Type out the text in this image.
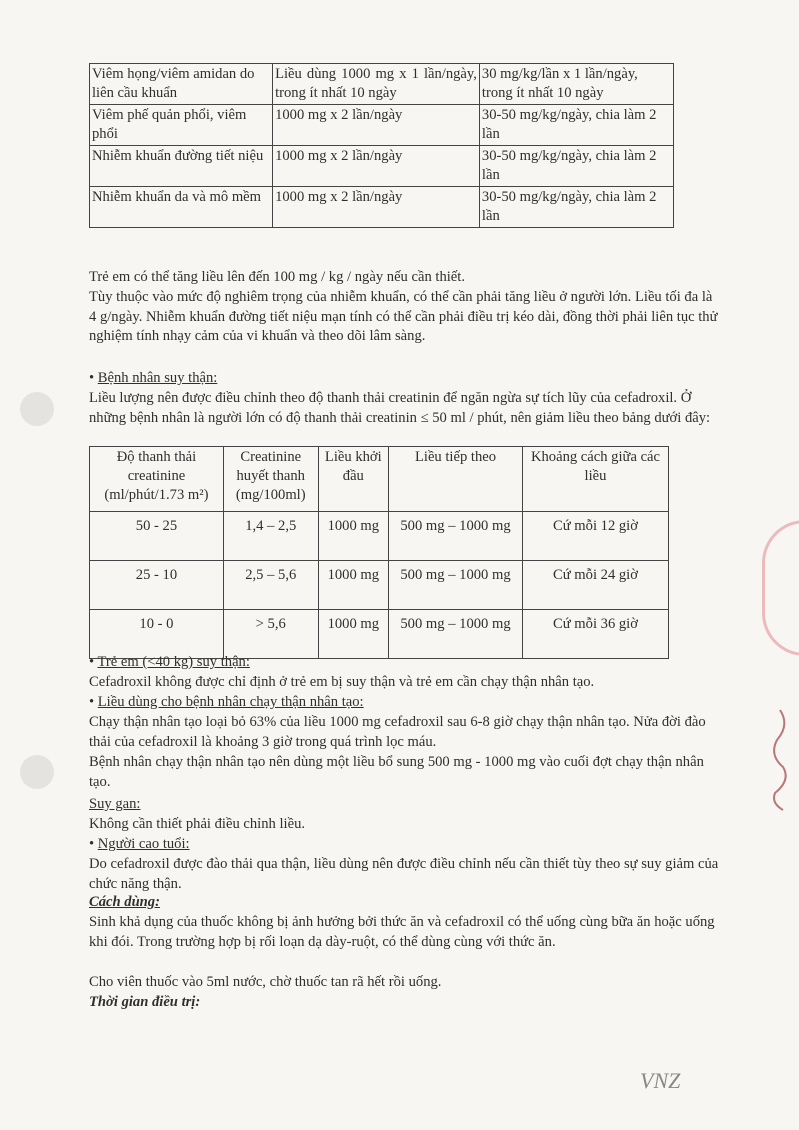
Viêm họng/viêm amidan do liên cầu khuẩn	Liều dùng 1000 mg x 1 lần/ngày, trong ít nhất 10 ngày	30 mg/kg/lần x 1 lần/ngày, trong ít nhất 10 ngày
Viêm phế quản phổi, viêm phổi	1000 mg x 2 lần/ngày	30-50 mg/kg/ngày, chia làm 2 lần
Nhiễm khuẩn đường tiết niệu	1000 mg x 2 lần/ngày	30-50 mg/kg/ngày, chia làm 2 lần
Nhiễm khuẩn da và mô mềm	1000 mg x 2 lần/ngày	30-50 mg/kg/ngày, chia làm 2 lần
Trẻ em có thể tăng liều lên đến 100 mg / kg / ngày nếu cần thiết.
Tùy thuộc vào mức độ nghiêm trọng của nhiễm khuẩn, có thể cần phải tăng liều ở người lớn. Liều tối đa là 4 g/ngày. Nhiễm khuẩn đường tiết niệu mạn tính có thể cần phải điều trị kéo dài, đồng thời phải liên tục thử nghiệm tính nhạy cảm của vi khuẩn và theo dõi lâm sàng.
• Bệnh nhân suy thận:
Liều lượng nên được điều chỉnh theo độ thanh thải creatinin để ngăn ngừa sự tích lũy của cefadroxil. Ở những bệnh nhân là người lớn có độ thanh thải creatinin ≤ 50 ml / phút, nên giảm liều theo bảng dưới đây:
Độ thanh thải creatinine (ml/phút/1.73 m²)	Creatinine huyết thanh (mg/100ml)	Liều khởi đầu	Liều tiếp theo	Khoảng cách giữa các liều
50 - 25	1,4 – 2,5	1000 mg	500 mg – 1000 mg	Cứ mỗi 12 giờ
25 - 10	2,5 – 5,6	1000 mg	500 mg – 1000 mg	Cứ mỗi 24 giờ
10 - 0	> 5,6	1000 mg	500 mg – 1000 mg	Cứ mỗi 36 giờ
• Trẻ em (<40 kg) suy thận:
Cefadroxil không được chỉ định ở trẻ em bị suy thận và trẻ em cần chạy thận nhân tạo.
• Liều dùng cho bệnh nhân chạy thận nhân tạo:
Chạy thận nhân tạo loại bỏ 63% của liều 1000 mg cefadroxil sau 6-8 giờ chạy thận nhân tạo. Nửa đời đào thải của cefadroxil là khoảng 3 giờ trong quá trình lọc máu.
Bệnh nhân chạy thận nhân tạo nên dùng một liều bổ sung 500 mg - 1000 mg vào cuối đợt chạy thận nhân tạo.
Suy gan:
Không cần thiết phải điều chỉnh liều.
• Người cao tuổi:
Do cefadroxil được đào thải qua thận, liều dùng nên được điều chỉnh nếu cần thiết tùy theo sự suy giảm của chức năng thận.
Cách dùng:
Sinh khả dụng của thuốc không bị ảnh hưởng bởi thức ăn và cefadroxil có thể uống cùng bữa ăn hoặc uống khi đói. Trong trường hợp bị rối loạn dạ dày-ruột, có thể dùng cùng với thức ăn.
Cho viên thuốc vào 5ml nước, chờ thuốc tan rã hết rồi uống.
Thời gian điều trị:
VNZ
